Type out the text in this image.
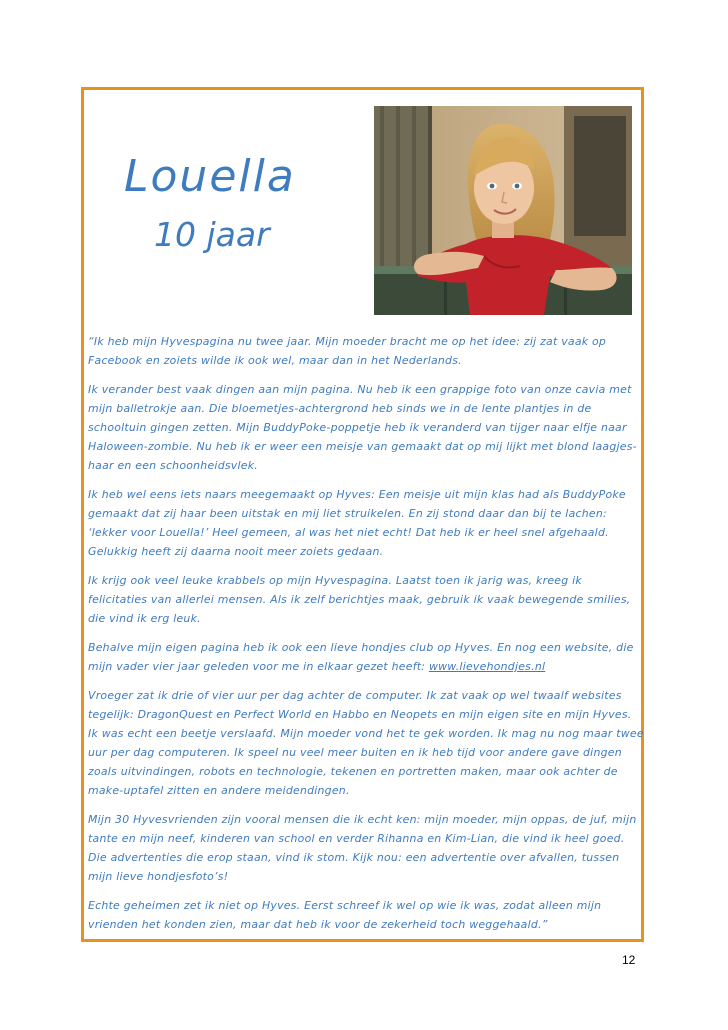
Louella
10 jaar

“Ik heb mijn Hyvespagina nu twee jaar. Mijn moeder bracht me op het idee: zij zat vaak op Facebook en zoiets wilde ik ook wel, maar dan in het Nederlands.

Ik verander best vaak dingen aan mijn pagina. Nu heb ik een grappige foto van onze cavia met mijn balletrokje aan. Die bloemetjes-achtergrond heb sinds we in de lente plantjes in de schooltuin gingen zetten. Mijn BuddyPoke-poppetje heb ik veranderd van tijger naar elfje naar Haloween-zombie. Nu heb ik er weer een meisje van gemaakt dat op mij lijkt met blond laagjes-haar en een schoonheidsvlek.

Ik heb wel eens iets naars meegemaakt op Hyves: Een meisje uit mijn klas had als BuddyPoke gemaakt dat zij haar been uitstak en mij liet struikelen. En zij stond daar dan bij te lachen: ‘lekker voor Louella!’ Heel gemeen, al was het niet echt! Dat heb ik er heel snel afgehaald. Gelukkig heeft zij daarna nooit meer zoiets gedaan.

Ik krijg ook veel leuke krabbels op mijn Hyvespagina. Laatst toen ik jarig was, kreeg ik felicitaties van allerlei mensen. Als ik zelf berichtjes maak, gebruik ik vaak bewegende smilies, die vind ik erg leuk.

Behalve mijn eigen pagina heb ik ook een lieve hondjes club op Hyves. En nog een website, die mijn vader vier jaar geleden voor me in elkaar gezet heeft: www.lievehondjes.nl

Vroeger zat ik drie of vier uur per dag achter de computer. Ik zat vaak op wel twaalf websites tegelijk: DragonQuest en Perfect World en Habbo en Neopets en mijn eigen site en mijn Hyves. Ik was echt een beetje verslaafd. Mijn moeder vond het te gek worden. Ik mag nu nog maar twee uur per dag computeren. Ik speel nu veel meer buiten en ik heb tijd voor andere gave dingen zoals uitvindingen, robots en technologie, tekenen en portretten maken, maar ook achter de make-uptafel zitten en andere meidendingen.

Mijn 30 Hyvesvrienden zijn vooral mensen die ik echt ken: mijn moeder, mijn oppas, de juf, mijn tante en mijn neef, kinderen van school en verder Rihanna en Kim-Lian, die vind ik heel goed. Die advertenties die erop staan, vind ik stom. Kijk nou: een advertentie over afvallen, tussen mijn lieve hondjesfoto’s!

Echte geheimen zet ik niet op Hyves. Eerst schreef ik wel op wie ik was, zodat alleen mijn vrienden het konden zien, maar dat heb ik voor de zekerheid toch weggehaald.”

12
